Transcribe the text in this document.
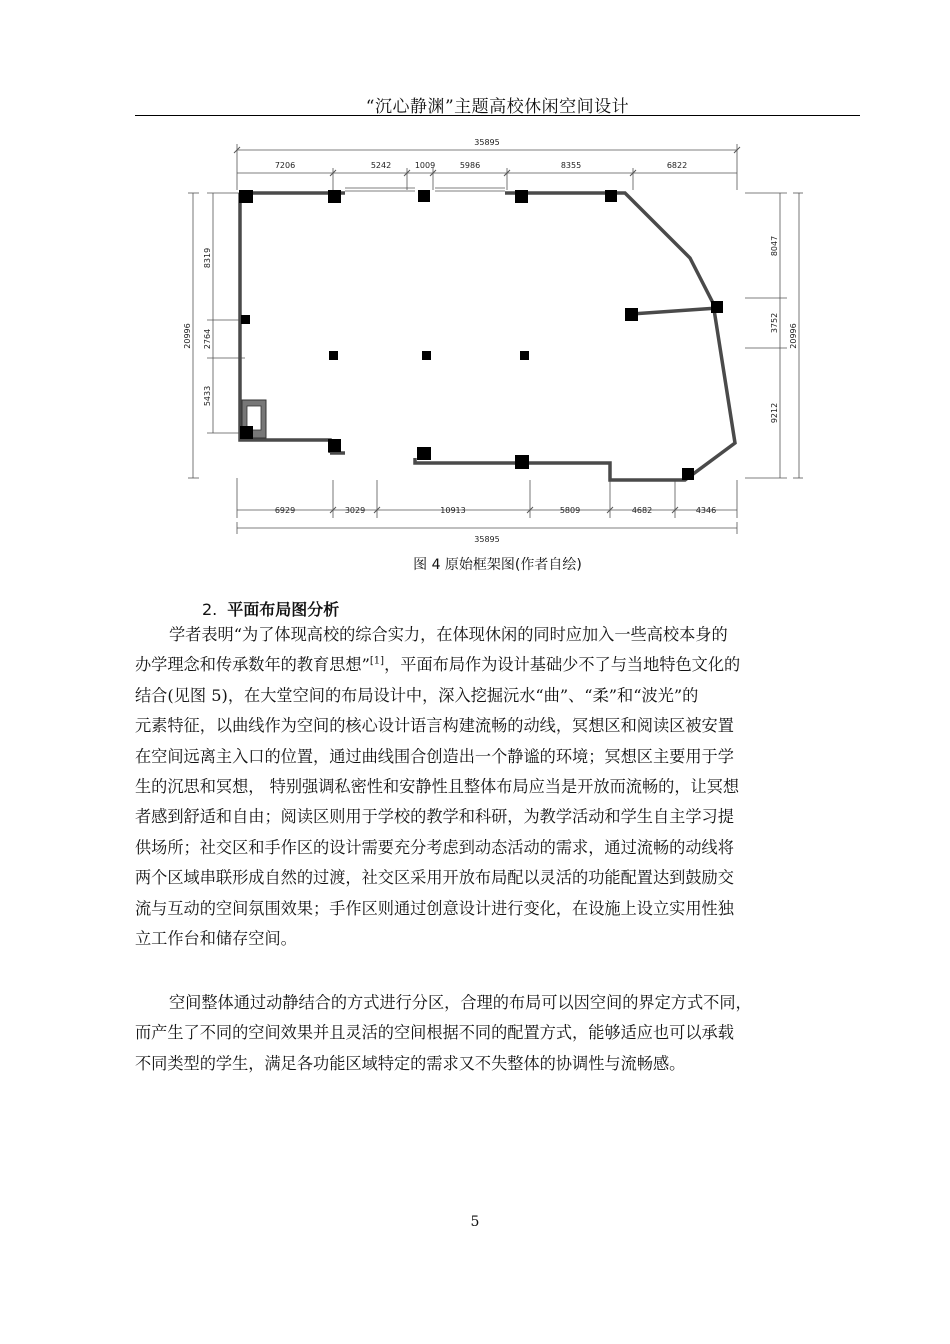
“沉心静渊”主题高校休闲空间设计
35895
7206	5242	1009	5986	8355	6822
6929	3029	10913	5809	4682	4346
35895
8319
2764
5433
20996
8047
3752
9212
20996
图 4 原始框架图(作者自绘)
2. 平面布局图分析
学者表明“为了体现高校的综合实力，在体现休闲的同时应加入一些高校本身的
办学理念和传承数年的教育思想”[1]，平面布局作为设计基础少不了与当地特色文化的
结合(见图 5)，在大堂空间的布局设计中，深入挖掘沅水“曲”、“柔”和“波光”的
元素特征，以曲线作为空间的核心设计语言构建流畅的动线，冥想区和阅读区被安置
在空间远离主入口的位置，通过曲线围合创造出一个静谧的环境；冥想区主要用于学
生的沉思和冥想， 特别强调私密性和安静性且整体布局应当是开放而流畅的，让冥想
者感到舒适和自由；阅读区则用于学校的教学和科研，为教学活动和学生自主学习提
供场所；社交区和手作区的设计需要充分考虑到动态活动的需求，通过流畅的动线将
两个区域串联形成自然的过渡，社交区采用开放布局配以灵活的功能配置达到鼓励交
流与互动的空间氛围效果；手作区则通过创意设计进行变化，在设施上设立实用性独
立工作台和储存空间。
空间整体通过动静结合的方式进行分区，合理的布局可以因空间的界定方式不同，
而产生了不同的空间效果并且灵活的空间根据不同的配置方式，能够适应也可以承载
不同类型的学生，满足各功能区域特定的需求又不失整体的协调性与流畅感。
5
